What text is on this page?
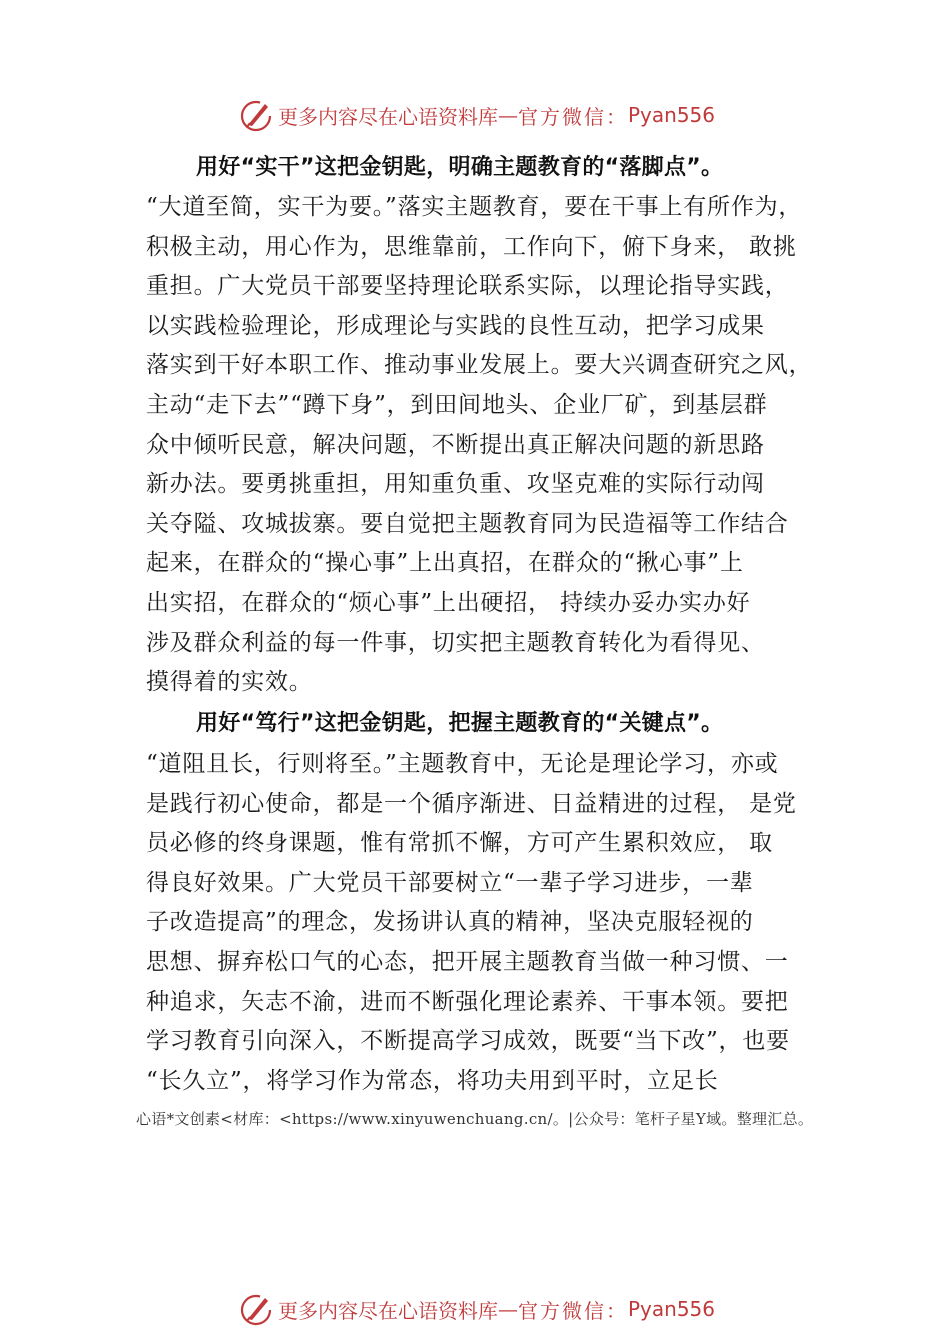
更多内容尽在心语资料库 — 官方微信： Pyan556
用好“实干”这把金钥匙，明确主题教育的“落脚点”。
“大道至简，实干为要。”落实主题教育，要在干事上有所作为，
积极主动，用心作为，思维靠前，工作向下，俯下身来， 敢挑
重担。广大党员干部要坚持理论联系实际，以理论指导实践，
以实践检验理论，形成理论与实践的良性互动，把学习成果
落实到干好本职工作、推动事业发展上。要大兴调查研究之风，
主动“走下去”“蹲下身”，到田间地头、企业厂矿，到基层群
众中倾听民意，解决问题，不断提出真正解决问题的新思路
新办法。要勇挑重担，用知重负重、攻坚克难的实际行动闯
关夺隘、攻城拔寨。要自觉把主题教育同为民造福等工作结合
起来，在群众的“操心事”上出真招，在群众的“揪心事”上
出实招，在群众的“烦心事”上出硬招， 持续办妥办实办好
涉及群众利益的每一件事，切实把主题教育转化为看得见、
摸得着的实效。
用好“笃行”这把金钥匙，把握主题教育的“关键点”。
“道阻且长，行则将至。”主题教育中，无论是理论学习，亦或
是践行初心使命，都是一个循序渐进、日益精进的过程， 是党
员必修的终身课题，惟有常抓不懈，方可产生累积效应， 取
得良好效果。广大党员干部要树立“一辈子学习进步，一辈
子改造提高”的理念，发扬讲认真的精神，坚决克服轻视的
思想、摒弃松口气的心态，把开展主题教育当做一种习惯、一
种追求，矢志不渝，进而不断强化理论素养、干事本领。要把
学习教育引向深入，不断提高学习成效，既要“当下改”，也要
“长久立”，将学习作为常态，将功夫用到平时，立足长
心语*文创素<材库：<https://www.xinyuwenchuang.cn/。|公众号：笔杆子星Y域。整理汇总。
更多内容尽在心语资料库 — 官方微信： Pyan556
